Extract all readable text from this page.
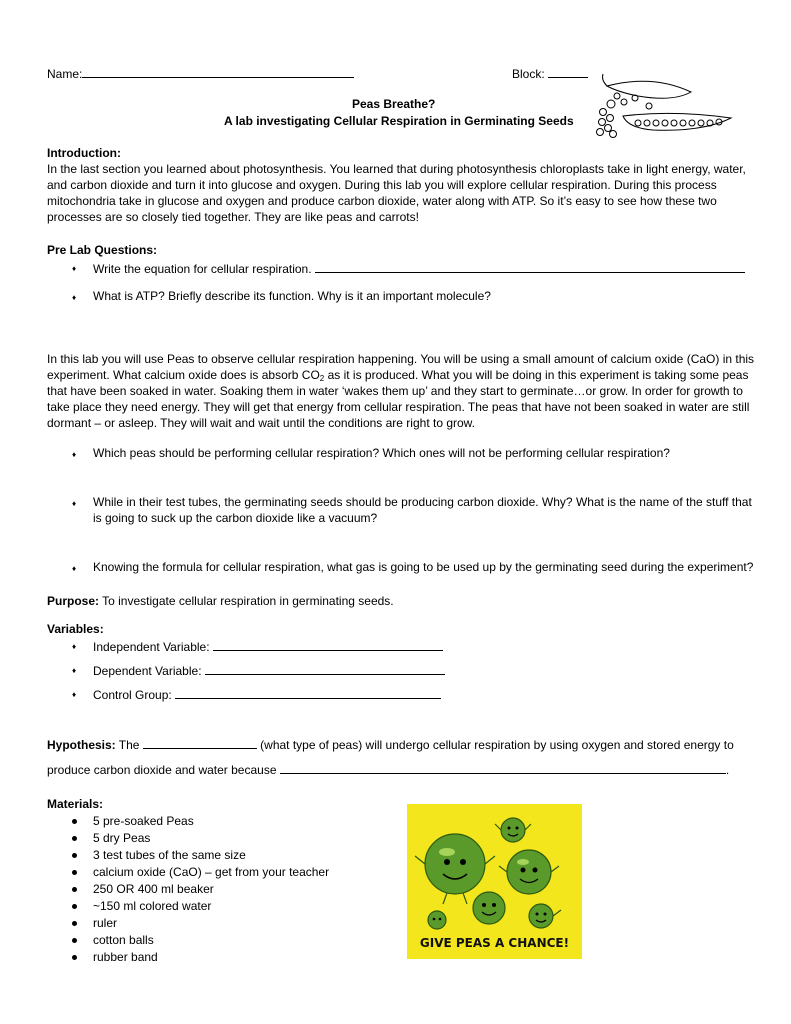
Name:	Block:
Peas Breathe?
A lab investigating Cellular Respiration in Germinating Seeds
Introduction:
In the last section you learned about photosynthesis. You learned that during photosynthesis chloroplasts take in light energy, water,
and carbon dioxide and turn it into glucose and oxygen. During this lab you will explore cellular respiration. During this process
mitochondria take in glucose and oxygen and produce carbon dioxide, water along with ATP. So it’s easy to see how these two
processes are so closely tied together. They are like peas and carrots!
Pre Lab Questions:
♦ Write the equation for cellular respiration.
♦ What is ATP? Briefly describe its function. Why is it an important molecule?
In this lab you will use Peas to observe cellular respiration happening. You will be using a small amount of calcium oxide (CaO) in this
experiment. What calcium oxide does is absorb $CO_2$ as it is produced. What you will be doing in this experiment is taking some peas
that have been soaked in water. Soaking them in water ‘wakes them up’ and they start to germinate…or grow. In order for growth to
take place they need energy. They will get that energy from cellular respiration. The peas that have not been soaked in water are still
dormant – or asleep. They will wait and wait until the conditions are right to grow.
♦ Which peas should be performing cellular respiration? Which ones will not be performing cellular respiration?
♦ While in their test tubes, the germinating seeds should be producing carbon dioxide. Why? What is the name of the stuff that
is going to suck up the carbon dioxide like a vacuum?
♦ Knowing the formula for cellular respiration, what gas is going to be used up by the germinating seed during the experiment?
Purpose: To investigate cellular respiration in germinating seeds.
Variables:
♦ Independent Variable:
♦ Dependent Variable:
♦ Control Group:
Hypothesis: The	(what type of peas) will undergo cellular respiration by using oxygen and stored energy to
produce carbon dioxide and water because	.
Materials:
5 pre-soaked Peas
5 dry Peas
3 test tubes of the same size
calcium oxide (CaO) – get from your teacher
250 OR 400 ml beaker
~150 ml colored water
ruler
cotton balls
rubber band
GIVE PEAS A CHANCE!
